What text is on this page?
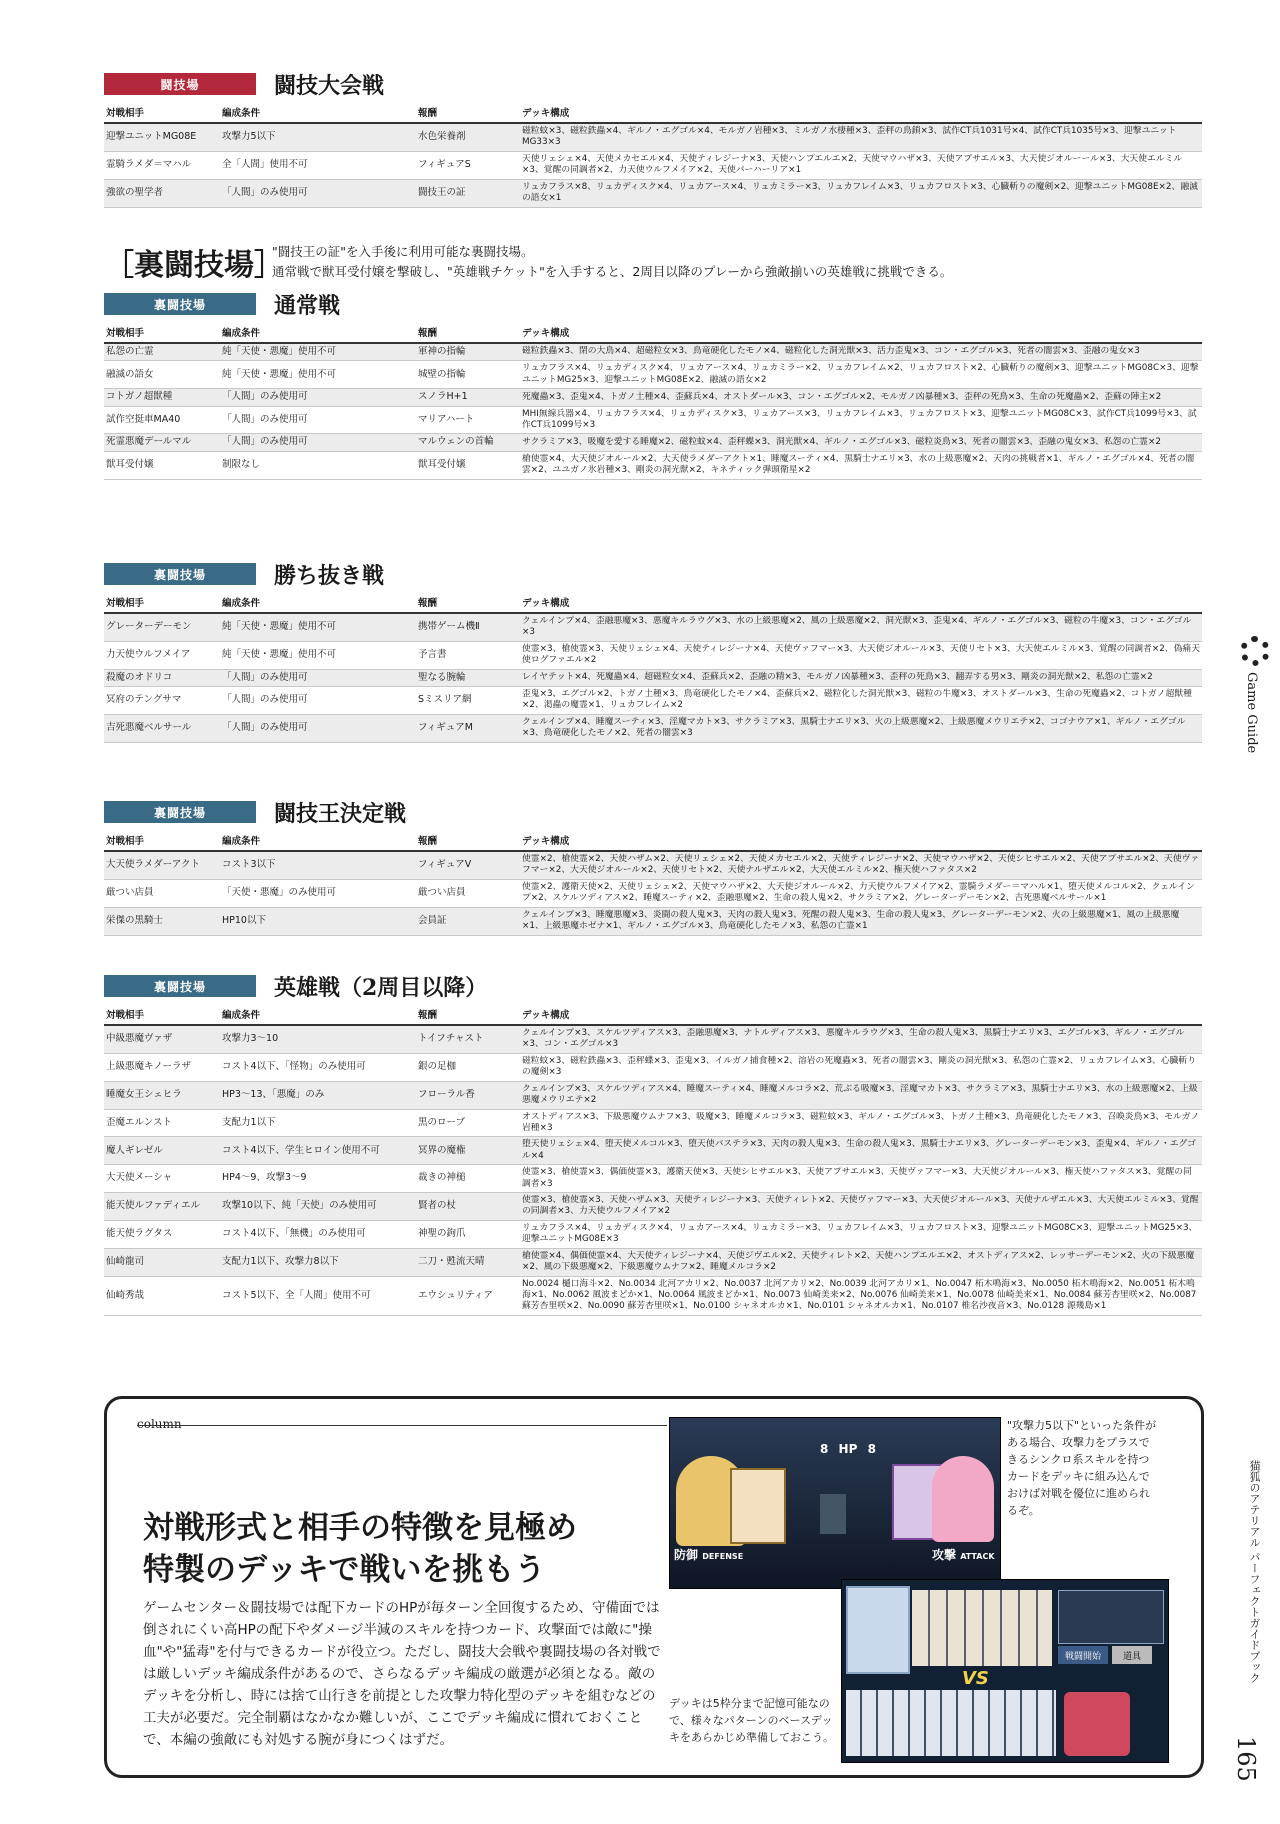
闘技場	闘技大会戦
対戦相手	編成条件	報酬	デッキ構成
迎撃ユニットMG08E	攻撃力5以下	水色栄養剤	磁粒蚊×3、磁粒鉄蟲×4、ギルノ・エグゴル×4、モルガノ岩種×3、ミルガノ水棲種×3、歪秤の鳥鎖×3、試作CT兵1031号×4、試作CT兵1035号×3、迎撃ユニットMG33×3
霊騎ラメダ＝マハル	全「人間」使用不可	フィギュアS	天使リェシェ×4、天使メカセエル×4、天使ティレジーナ×3、天使ハンプエルエ×2、天使マウハザ×3、天使アプサエル×3、大天使ジオルーール×3、大天使エルミル×3、覚醒の同調者×2、力天使ウルフメイア×2、天使パーハーリア×1
強欲の聖学者	「人間」のみ使用可	闘技王の証	リュカフラス×8、リュカディスク×4、リュカアース×4、リュカミラー×3、リュカフレイム×3、リュカフロスト×3、心臓斬りの魔剣×2、迎撃ユニットMG08E×2、融滅の語女×1
［裏闘技場］
"闘技王の証"を入手後に利用可能な裏闘技場。
通常戦で獣耳受付嬢を撃破し、"英雄戦チケット"を入手すると、2周目以降のプレーから強敵揃いの英雄戦に挑戦できる。
裏闘技場	通常戦
対戦相手	編成条件	報酬	デッキ構成
私怨の亡霊	純「天使・悪魔」使用不可	軍神の指輪	磁粒鉄蟲×3、閉の大鳥×4、超磁粒女×3、鳥竜硬化したモノ×4、磁粒化した洞光獣×3、活力歪鬼×3、コン・エグゴル×3、死者の闇雲×3、歪融の鬼女×3
融滅の語女	純「天使・悪魔」使用不可	城壁の指輪	リュカフラス×4、リュカディスク×4、リュカアース×4、リュカミラー×2、リュカフレイム×2、リュカフロスト×2、心臓斬りの魔剣×3、迎撃ユニットMG08C×3、迎撃ユニットMG25×3、迎撃ユニットMG08E×2、融滅の語女×2
コトガノ超獣種	「人間」のみ使用可	スノラH+1	死魔蟲×3、歪鬼×4、トガノ土種×4、歪蘇兵×4、オストダール×3、コン・エグゴル×2、モルガノ凶暴種×3、歪秤の死鳥×3、生命の死魔蟲×2、歪蘇の陣主×2
試作空挺車MA40	「人間」のみ使用可	マリアハート	MHI無線兵器×4、リュカフラス×4、リュカディスク×3、リュカアース×3、リュカフレイム×3、リュカフロスト×3、迎撃ユニットMG08C×3、試作CT兵1099号×3、試作CT兵1099号×3
死霊悪魔デールマル	「人間」のみ使用可	マルウェンの首輪	サクラミア×3、吸魔を愛する睡魔×2、磁粒蚊×4、歪秤蝶×3、洞光獣×4、ギルノ・エグゴル×3、磁粒炎鳥×3、死者の闇雲×3、歪融の鬼女×3、私怨の亡霊×2
獣耳受付嬢	制限なし	獣耳受付嬢	槍使霊×4、大天使ジオルール×2、大天使ラメダーアクト×1、睡魔スーティ×4、黒騎士ナエリ×3、水の上級悪魔×2、天肉の挑戦者×1、ギルノ・エグゴル×4、死者の闇雲×2、ユユガノ氷岩種×3、剛炎の洞光獣×2、キネティック弾頭衛星×2
裏闘技場	勝ち抜き戦
対戦相手	編成条件	報酬	デッキ構成
グレーターデーモン	純「天使・悪魔」使用不可	携帯ゲーム機Ⅱ	クェルインプ×4、歪融悪魔×3、悪魔キルラウグ×3、水の上級悪魔×2、風の上級悪魔×2、洞光獣×3、歪鬼×4、ギルノ・エグゴル×3、磁粒の牛魔×3、コン・エグゴル×3
力天使ウルフメイア	純「天使・悪魔」使用不可	予言書	使霊×3、槍使霊×3、天使リェシェ×4、天使ティレジーナ×4、天使ヴァフマー×3、大天使ジオルール×3、天使リセト×3、大天使エルミル×3、覚醒の同調者×2、偽痛天使ログファエル×2
殺魔のオドリコ	「人間」のみ使用可	聖なる腕輪	レイヤテット×4、死魔蟲×4、超磁粒女×4、歪蘇兵×2、歪融の精×3、モルガノ凶暴種×3、歪秤の死鳥×3、翻弄する男×3、剛炎の洞光獣×2、私怨の亡霊×2
冥府のテングサマ	「人間」のみ使用可	Sミスリア網	歪鬼×3、エグゴル×2、トガノ土種×3、鳥竜硬化したモノ×4、歪蘇兵×2、磁粒化した洞光獣×3、磁粒の牛魔×3、オストダール×3、生命の死魔蟲×2、コトガノ超獣種×2、渇蟲の魔霊×1、リュカフレイム×2
吉死悪魔ベルサール	「人間」のみ使用可	フィギュアM	クェルインプ×4、睡魔スーティ×3、淫魔マカト×3、サクラミア×3、黒騎士ナエリ×3、火の上級悪魔×2、上級悪魔メウリエテ×2、コゴナウア×1、ギルノ・エグゴル×3、鳥竜硬化したモノ×2、死者の闇雲×3
裏闘技場	闘技王決定戦
対戦相手	編成条件	報酬	デッキ構成
大天使ラメダーアクト	コスト3以下	フィギュアV	使霊×2、槍使霊×2、天使ハザム×2、天使リェシェ×2、天使メカセエル×2、天使ティレジーナ×2、天使マウハザ×2、天使シヒサエル×2、天使アプサエル×2、天使ヴァフマー×2、大天使ジオルール×2、天使リセト×2、天使ナルザエル×2、大天使エルミル×2、権天使ハファタス×2
厳つい店員	「天使・悪魔」のみ使用可	厳つい店員	使霊×2、護衛天使×2、天使リェシェ×2、天使マウハザ×2、大天使ジオルール×2、力天使ウルフメイア×2、霊騎ラメダー＝マハル×1、堕天使メルコル×2、クェルインプ×2、スケルツディアス×2、睡魔スーティ×2、歪融悪魔×2、生命の殺人鬼×2、サクラミア×2、グレーターデーモン×2、吉死悪魔ベルサール×1
栄傑の黒騎士	HP10以下	会員証	クェルインプ×3、睡魔悪魔×3、炎闘の殺人鬼×3、天肉の殺人鬼×3、死醒の殺人鬼×3、生命の殺人鬼×3、グレーターデーモン×2、火の上級悪魔×1、風の上級悪魔×1、上級悪魔ホゼナ×1、ギルノ・エグゴル×3、鳥竜硬化したモノ×3、私怨の亡霊×1
裏闘技場	英雄戦（2周目以降）
対戦相手	編成条件	報酬	デッキ構成
中級悪魔ヴァザ	攻撃力3〜10	トイフチャスト	クェルインプ×3、スケルツディアス×3、歪融悪魔×3、ナトルディアス×3、悪魔キルラウグ×3、生命の殺人鬼×3、黒騎士ナエリ×3、エグゴル×3、ギルノ・エグゴル×3、コン・エグゴル×3
上級悪魔キノーラザ	コスト4以下、「怪物」のみ使用可	銀の足枷	磁粒蚊×3、磁粒鉄蟲×3、歪秤蝶×3、歪鬼×3、イルガノ捕食種×2、溶岩の死魔蟲×3、死者の闇雲×3、剛炎の洞光獣×3、私怨の亡霊×2、リュカフレイム×3、心臓斬りの魔剣×3
睡魔女王シェヒラ	HP3〜13、「悪魔」のみ	フローラル香	クェルインプ×3、スケルツディアス×4、睡魔スーティ×4、睡魔メルコラ×2、荒ぶる吸魔×3、淫魔マカト×3、サクラミア×3、黒騎士ナエリ×3、水の上級悪魔×2、上級悪魔メウリエテ×2
歪魔エルンスト	支配力1以下	黒のローブ	オストディアス×3、下級悪魔ウムナフ×3、吸魔×3、睡魔メルコラ×3、磁粒蚊×3、ギルノ・エグゴル×3、トガノ土種×3、鳥竜硬化したモノ×3、召喚炎鳥×3、モルガノ岩種×3
魔人ギレゼル	コスト4以下、学生ヒロイン使用不可	冥界の魔権	堕天使リェシェ×4、堕天使メルコル×3、堕天使パステラ×3、天肉の殺人鬼×3、生命の殺人鬼×3、黒騎士ナエリ×3、グレーターデーモン×3、歪鬼×4、ギルノ・エグゴル×4
大天使メーシャ	HP4〜9、攻撃3〜9	裁きの神槌	使霊×3、槍使霊×3、偶価使霊×3、護衛天使×3、天使シヒサエル×3、天使アプサエル×3、天使ヴァフマー×3、大天使ジオルール×3、権天使ハファタス×3、覚醒の同調者×3
能天使ルファディエル	攻撃10以下、純「天使」のみ使用可	賢者の杖	使霊×3、槍使霊×3、天使ハザム×3、天使ティレジーナ×3、天使ティレト×2、天使ヴァフマー×3、大天使ジオルール×3、天使ナルザエル×3、大天使エルミル×3、覚醒の同調者×3、力天使ウルフメイア×2
能天使ラグタス	コスト4以下、「無機」のみ使用可	神聖の鉤爪	リュカフラス×4、リュカディスク×4、リュカアース×4、リュカミラー×3、リュカフレイム×3、リュカフロスト×3、迎撃ユニットMG08C×3、迎撃ユニットMG25×3、迎撃ユニットMG08E×3
仙崎龍司	支配力1以下、攻撃力8以下	二刀・甦流天晴	槍使霊×4、偶価使霊×4、大天使ティレジーナ×4、天使ジヴエル×2、天使ティレト×2、天使ハンプエルエ×2、オストディアス×2、レッサーデーモン×2、火の下級悪魔×2、風の下級悪魔×2、下級悪魔ウムナフ×2、睡魔メルコラ×2
仙崎秀哉	コスト5以下、全「人間」使用不可	エウシュリティア	No.0024 樋口海斗×2、No.0034 北河アカリ×2、No.0037 北河アカリ×2、No.0039 北河アカリ×1、No.0047 柘木鳴海×3、No.0050 柘木鳴海×2、No.0051 柘木鳴海×1、No.0062 風波まどか×1、No.0064 風波まどか×1、No.0073 仙崎美来×2、No.0076 仙崎美来×1、No.0078 仙崎美来×1、No.0084 蘇芳杏里咲×2、No.0087 蘇芳杏里咲×2、No.0090 蘇芳杏里咲×1、No.0100 シャネオルカ×1、No.0101 シャネオルカ×1、No.0107 椎名沙夜音×3、No.0128 源幾島×1
Game Guide
猫狐のアテリアル パーフェクトガイドブック
165
column
対戦形式と相手の特徴を見極め
特製のデッキで戦いを挑もう
ゲームセンター＆闘技場では配下カードのHPが毎ターン全回復するため、守備面では倒されにくい高HPの配下やダメージ半減のスキルを持つカード、攻撃面では敵に"操血"や"猛毒"を付与できるカードが役立つ。ただし、闘技大会戦や裏闘技場の各対戦では厳しいデッキ編成条件があるので、さらなるデッキ編成の厳選が必須となる。敵のデッキを分析し、時には捨て山行きを前提とした攻撃力特化型のデッキを組むなどの工夫が必要だ。完全制覇はなかなか難しいが、ここでデッキ編成に慣れておくことで、本編の強敵にも対処する腕が身につくはずだ。
8 HP 8
防御 DEFENSE	攻撃 ATTACK
戦闘開始	道具
VS
"攻撃力5以下"といった条件がある場合、攻撃力をプラスできるシンクロ系スキルを持つカードをデッキに組み込んでおけば対戦を優位に進められるぞ。
デッキは5枠分まで記憶可能なので、様々なパターンのベースデッキをあらかじめ準備しておこう。
